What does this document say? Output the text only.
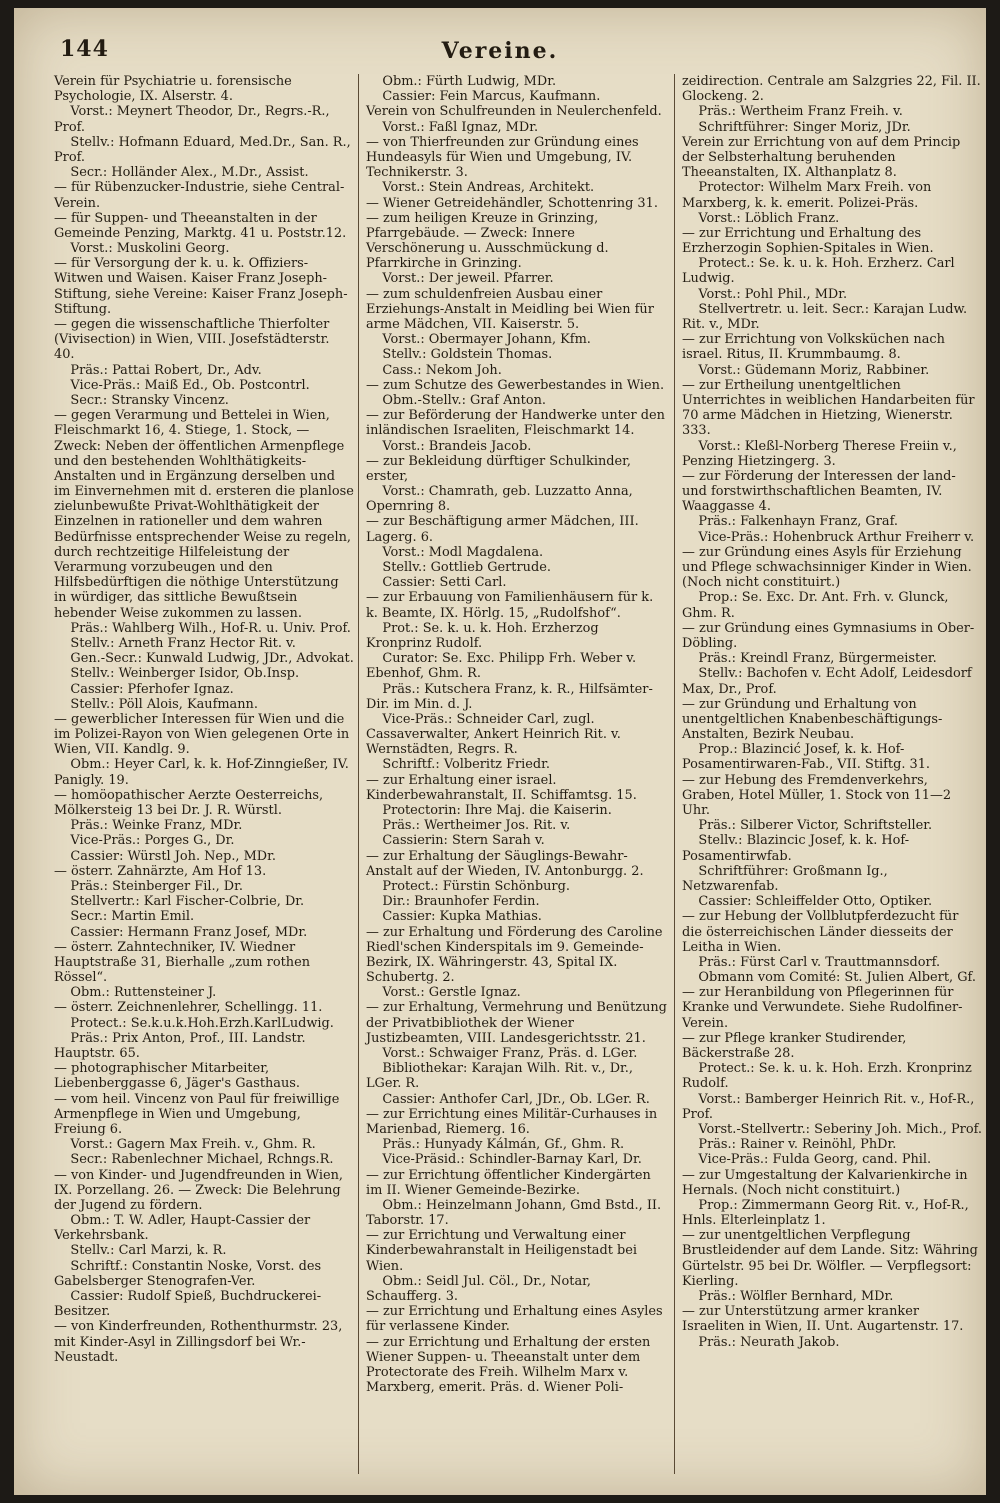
144	Vereine.
Verein für Psychiatrie u. forensische Psychologie, IX. Alserstr. 4.
Vorst.: Meynert Theodor, Dr., Regrs.-R., Prof.
Stellv.: Hofmann Eduard, Med.Dr., San. R., Prof.
Secr.: Holländer Alex., M.Dr., Assist.
— für Rübenzucker-Industrie, siehe Central-Verein.
— für Suppen- und Theeanstalten in der Gemeinde Penzing, Marktg. 41 u. Poststr.12.
Vorst.: Muskolini Georg.
— für Versorgung der k. u. k. Offiziers-Witwen und Waisen. Kaiser Franz Joseph-Stiftung, siehe Vereine: Kaiser Franz Joseph-Stiftung.
— gegen die wissenschaftliche Thierfolter (Vivisection) in Wien, VIII. Josefstädterstr. 40.
Präs.: Pattai Robert, Dr., Adv.
Vice-Präs.: Maiß Ed., Ob. Postcontrl.
Secr.: Stransky Vincenz.
— gegen Verarmung und Bettelei in Wien, Fleischmarkt 16, 4. Stiege, 1. Stock, — Zweck: Neben der öffentlichen Armenpflege und den bestehenden Wohlthätigkeits-Anstalten und in Ergänzung derselben und im Einvernehmen mit d. ersteren die planlose zielunbewußte Privat-Wohlthätigkeit der Einzelnen in rationeller und dem wahren Bedürfnisse entsprechender Weise zu regeln, durch rechtzeitige Hilfeleistung der Verarmung vorzubeugen und den Hilfsbedürftigen die nöthige Unterstützung in würdiger, das sittliche Bewußtsein hebender Weise zukommen zu lassen.
Präs.: Wahlberg Wilh., Hof-R. u. Univ. Prof.
Stellv.: Arneth Franz Hector Rit. v.
Gen.-Secr.: Kunwald Ludwig, JDr., Advokat.
Stellv.: Weinberger Isidor, Ob.Insp.
Cassier: Pferhofer Ignaz.
Stellv.: Pöll Alois, Kaufmann.
— gewerblicher Interessen für Wien und die im Polizei-Rayon von Wien gelegenen Orte in Wien, VII. Kandlg. 9.
Obm.: Heyer Carl, k. k. Hof-Zinngießer, IV. Panigly. 19.
— homöopathischer Aerzte Oesterreichs, Mölkersteig 13 bei Dr. J. R. Würstl.
Präs.: Weinke Franz, MDr.
Vice-Präs.: Porges G., Dr.
Cassier: Würstl Joh. Nep., MDr.
— österr. Zahnärzte, Am Hof 13.
Präs.: Steinberger Fil., Dr.
Stellvertr.: Karl Fischer-Colbrie, Dr.
Secr.: Martin Emil.
Cassier: Hermann Franz Josef, MDr.
— österr. Zahntechniker, IV. Wiedner Hauptstraße 31, Bierhalle „zum rothen Rössel“.
Obm.: Ruttensteiner J.
— österr. Zeichnenlehrer, Schellingg. 11.
Protect.: Se.k.u.k.Hoh.Erzh.KarlLudwig.
Präs.: Prix Anton, Prof., III. Landstr. Hauptstr. 65.
— photographischer Mitarbeiter, Liebenberggasse 6, Jäger's Gasthaus.
— vom heil. Vincenz von Paul für freiwillige Armenpflege in Wien und Umgebung, Freiung 6.
Vorst.: Gagern Max Freih. v., Ghm. R.
Secr.: Rabenlechner Michael, Rchngs.R.
— von Kinder- und Jugendfreunden in Wien, IX. Porzellang. 26. — Zweck: Die Belehrung der Jugend zu fördern.
Obm.: T. W. Adler, Haupt-Cassier der Verkehrsbank.
Stellv.: Carl Marzi, k. R.
Schriftf.: Constantin Noske, Vorst. des Gabelsberger Stenografen-Ver.
Cassier: Rudolf Spieß, Buchdruckerei-Besitzer.
— von Kinderfreunden, Rothenthurmstr. 23, mit Kinder-Asyl in Zillingsdorf bei Wr.-Neustadt.
Obm.: Fürth Ludwig, MDr.
Cassier: Fein Marcus, Kaufmann.
Verein von Schulfreunden in Neulerchenfeld.
Vorst.: Faßl Ignaz, MDr.
— von Thierfreunden zur Gründung eines Hundeasyls für Wien und Umgebung, IV. Technikerstr. 3.
Vorst.: Stein Andreas, Architekt.
— Wiener Getreidehändler, Schottenring 31.
— zum heiligen Kreuze in Grinzing, Pfarrgebäude. — Zweck: Innere Verschönerung u. Ausschmückung d. Pfarrkirche in Grinzing.
Vorst.: Der jeweil. Pfarrer.
— zum schuldenfreien Ausbau einer Erziehungs-Anstalt in Meidling bei Wien für arme Mädchen, VII. Kaiserstr. 5.
Vorst.: Obermayer Johann, Kfm.
Stellv.: Goldstein Thomas.
Cass.: Nekom Joh.
— zum Schutze des Gewerbestandes in Wien.
Obm.-Stellv.: Graf Anton.
— zur Beförderung der Handwerke unter den inländischen Israeliten, Fleischmarkt 14.
Vorst.: Brandeis Jacob.
— zur Bekleidung dürftiger Schulkinder, erster,
Vorst.: Chamrath, geb. Luzzatto Anna, Opernring 8.
— zur Beschäftigung armer Mädchen, III. Lagerg. 6.
Vorst.: Modl Magdalena.
Stellv.: Gottlieb Gertrude.
Cassier: Setti Carl.
— zur Erbauung von Familienhäusern für k. k. Beamte, IX. Hörlg. 15, „Rudolfshof“.
Prot.: Se. k. u. k. Hoh. Erzherzog Kronprinz Rudolf.
Curator: Se. Exc. Philipp Frh. Weber v. Ebenhof, Ghm. R.
Präs.: Kutschera Franz, k. R., Hilfsämter-Dir. im Min. d. J.
Vice-Präs.: Schneider Carl, zugl. Cassaverwalter, Ankert Heinrich Rit. v. Wernstädten, Regrs. R.
Schriftf.: Volberitz Friedr.
— zur Erhaltung einer israel. Kinderbewahranstalt, II. Schiffamtsg. 15.
Protectorin: Ihre Maj. die Kaiserin.
Präs.: Wertheimer Jos. Rit. v.
Cassierin: Stern Sarah v.
— zur Erhaltung der Säuglings-Bewahr-Anstalt auf der Wieden, IV. Antonburgg. 2.
Protect.: Fürstin Schönburg.
Dir.: Braunhofer Ferdin.
Cassier: Kupka Mathias.
— zur Erhaltung und Förderung des Caroline Riedl'schen Kinderspitals im 9. Gemeinde-Bezirk, IX. Währingerstr. 43, Spital IX. Schubertg. 2.
Vorst.: Gerstle Ignaz.
— zur Erhaltung, Vermehrung und Benützung der Privatbibliothek der Wiener Justizbeamten, VIII. Landesgerichtsstr. 21.
Vorst.: Schwaiger Franz, Präs. d. LGer.
Bibliothekar: Karajan Wilh. Rit. v., Dr., LGer. R.
Cassier: Anthofer Carl, JDr., Ob. LGer. R.
— zur Errichtung eines Militär-Curhauses in Marienbad, Riemerg. 16.
Präs.: Hunyady Kálmán, Gf., Ghm. R.
Vice-Präsid.: Schindler-Barnay Karl, Dr.
— zur Errichtung öffentlicher Kindergärten im II. Wiener Gemeinde-Bezirke.
Obm.: Heinzelmann Johann, Gmd Bstd., II. Taborstr. 17.
— zur Errichtung und Verwaltung einer Kinderbewahranstalt in Heiligenstadt bei Wien.
Obm.: Seidl Jul. Cöl., Dr., Notar, Schaufferg. 3.
— zur Errichtung und Erhaltung eines Asyles für verlassene Kinder.
— zur Errichtung und Erhaltung der ersten Wiener Suppen- u. Theeanstalt unter dem Protectorate des Freih. Wilhelm Marx v. Marxberg, emerit. Präs. d. Wiener Poli-
zeidirection. Centrale am Salzgries 22, Fil. II. Glockeng. 2.
Präs.: Wertheim Franz Freih. v.
Schriftführer: Singer Moriz, JDr.
Verein zur Errichtung von auf dem Princip der Selbsterhaltung beruhenden Theeanstalten, IX. Althanplatz 8.
Protector: Wilhelm Marx Freih. von Marxberg, k. k. emerit. Polizei-Präs.
Vorst.: Löblich Franz.
— zur Errichtung und Erhaltung des Erzherzogin Sophien-Spitales in Wien.
Protect.: Se. k. u. k. Hoh. Erzherz. Carl Ludwig.
Vorst.: Pohl Phil., MDr.
Stellvertretr. u. leit. Secr.: Karajan Ludw. Rit. v., MDr.
— zur Errichtung von Volksküchen nach israel. Ritus, II. Krummbaumg. 8.
Vorst.: Güdemann Moriz, Rabbiner.
— zur Ertheilung unentgeltlichen Unterrichtes in weiblichen Handarbeiten für 70 arme Mädchen in Hietzing, Wienerstr. 333.
Vorst.: Kleßl-Norberg Therese Freiin v., Penzing Hietzingerg. 3.
— zur Förderung der Interessen der land- und forstwirthschaftlichen Beamten, IV. Waaggasse 4.
Präs.: Falkenhayn Franz, Graf.
Vice-Präs.: Hohenbruck Arthur Freiherr v.
— zur Gründung eines Asyls für Erziehung und Pflege schwachsinniger Kinder in Wien. (Noch nicht constituirt.)
Prop.: Se. Exc. Dr. Ant. Frh. v. Glunck, Ghm. R.
— zur Gründung eines Gymnasiums in Ober-Döbling.
Präs.: Kreindl Franz, Bürgermeister.
Stellv.: Bachofen v. Echt Adolf, Leidesdorf Max, Dr., Prof.
— zur Gründung und Erhaltung von unentgeltlichen Knabenbeschäftigungs-Anstalten, Bezirk Neubau.
Prop.: Blazincić Josef, k. k. Hof-Posamentirwaren-Fab., VII. Stiftg. 31.
— zur Hebung des Fremdenverkehrs, Graben, Hotel Müller, 1. Stock von 11—2 Uhr.
Präs.: Silberer Victor, Schriftsteller.
Stellv.: Blazincic Josef, k. k. Hof-Posamentirwfab.
Schriftführer: Großmann Ig., Netzwarenfab.
Cassier: Schleiffelder Otto, Optiker.
— zur Hebung der Vollblutpferdezucht für die österreichischen Länder diesseits der Leitha in Wien.
Präs.: Fürst Carl v. Trauttmannsdorf.
Obmann vom Comité: St. Julien Albert, Gf.
— zur Heranbildung von Pflegerinnen für Kranke und Verwundete. Siehe Rudolfiner-Verein.
— zur Pflege kranker Studirender, Bäckerstraße 28.
Protect.: Se. k. u. k. Hoh. Erzh. Kronprinz Rudolf.
Vorst.: Bamberger Heinrich Rit. v., Hof-R., Prof.
Vorst.-Stellvertr.: Seberiny Joh. Mich., Prof.
Präs.: Rainer v. Reinöhl, PhDr.
Vice-Präs.: Fulda Georg, cand. Phil.
— zur Umgestaltung der Kalvarienkirche in Hernals. (Noch nicht constituirt.)
Prop.: Zimmermann Georg Rit. v., Hof-R., Hnls. Elterleinplatz 1.
— zur unentgeltlichen Verpflegung Brustleidender auf dem Lande. Sitz: Währing Gürtelstr. 95 bei Dr. Wölfler. — Verpflegsort: Kierling.
Präs.: Wölfler Bernhard, MDr.
— zur Unterstützung armer kranker Israeliten in Wien, II. Unt. Augartenstr. 17.
Präs.: Neurath Jakob.
